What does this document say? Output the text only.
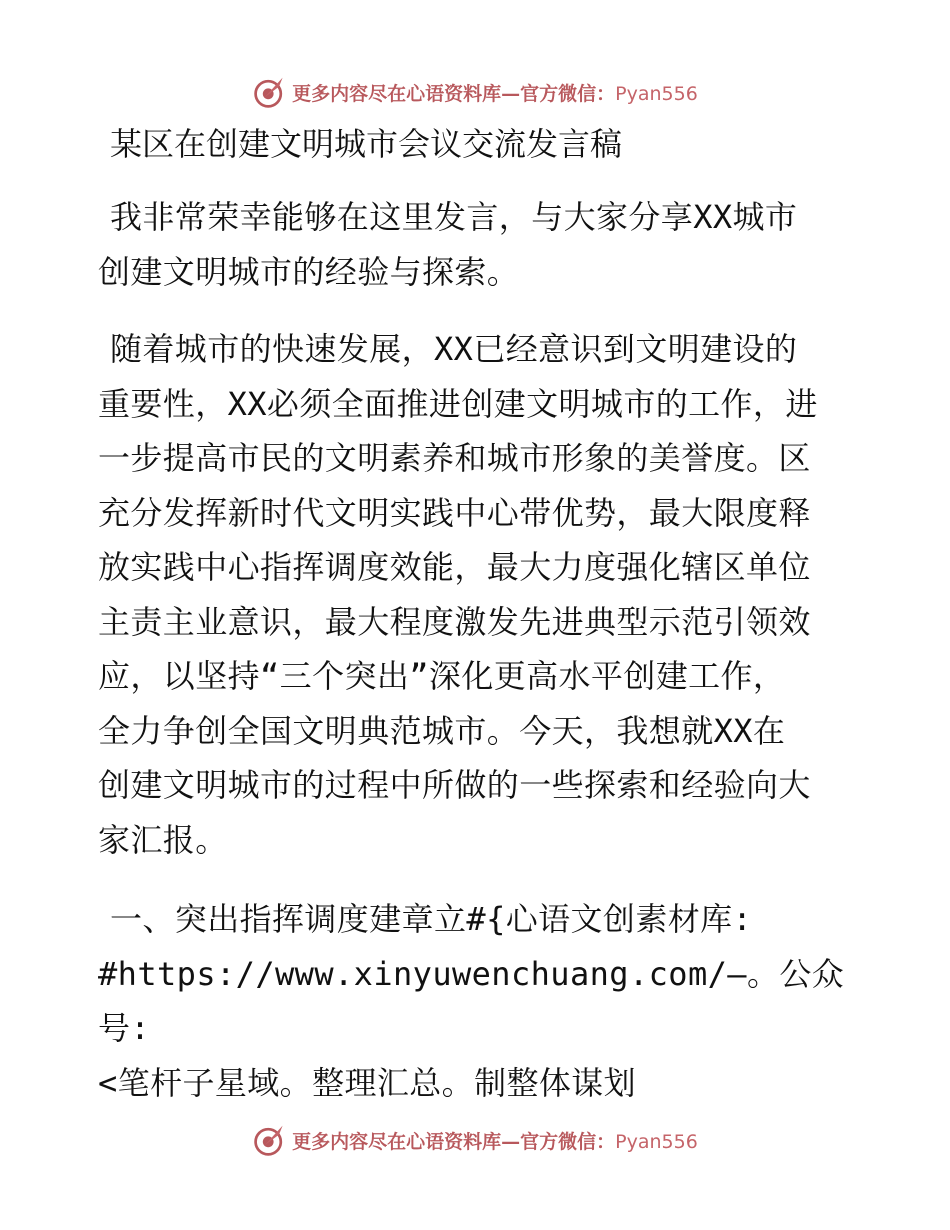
更多内容尽在心语资料库—官方微信：Pyan556
某区在创建文明城市会议交流发言稿

我非常荣幸能够在这里发言，与大家分享XX城市
创建文明城市的经验与探索。

随着城市的快速发展，XX已经意识到文明建设的
重要性，XX必须全面推进创建文明城市的工作，进
一步提高市民的文明素养和城市形象的美誉度。区
充分发挥新时代文明实践中心带优势，最大限度释
放实践中心指挥调度效能，最大力度强化辖区单位
主责主业意识，最大程度激发先进典型示范引领效
应，以坚持“三个突出”深化更高水平创建工作，
全力争创全国文明典范城市。今天，我想就XX在
创建文明城市的过程中所做的一些探索和经验向大
家汇报。

一、突出指挥调度建章立#{心语文创素材库:
#https://www.xinyuwenchuang.com/—。公众号:
<笔杆子星域。整理汇总。制整体谋划

更多内容尽在心语资料库—官方微信：Pyan556
